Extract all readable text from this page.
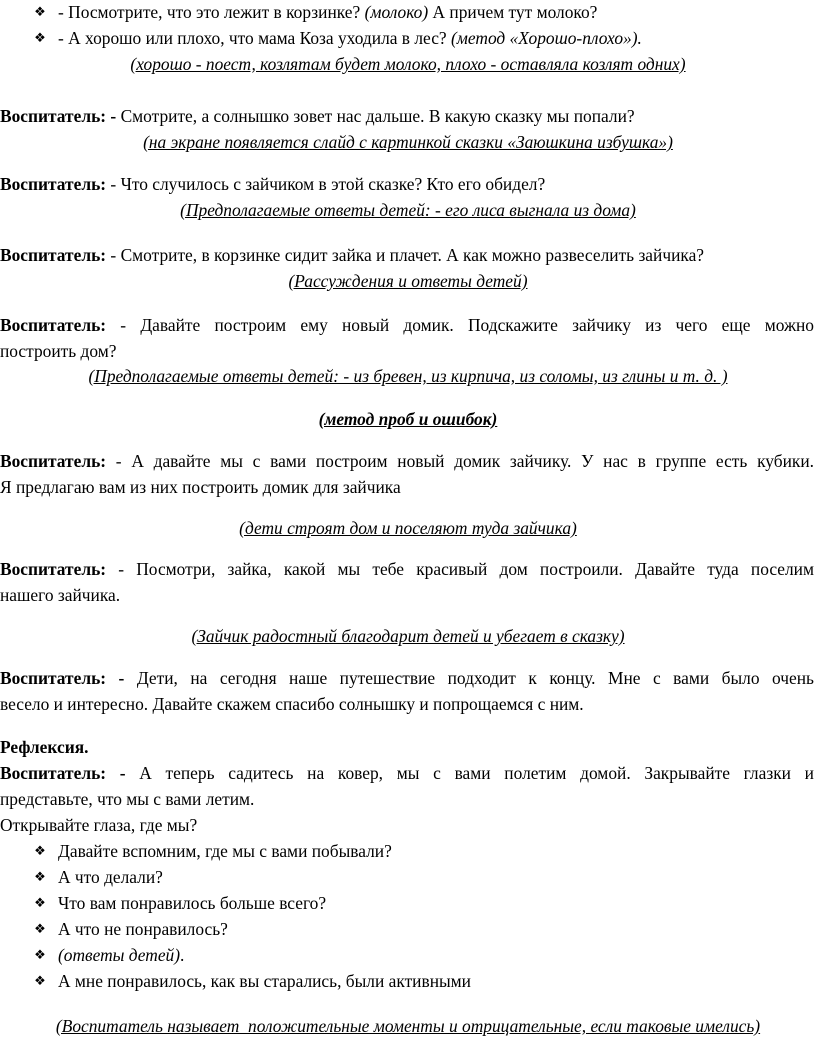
❖ - Посмотрите, что это лежит в корзинке? (молоко) А причем тут молоко?
❖ - А хорошо или плохо, что мама Коза уходила в лес? (метод «Хорошо-плохо»).
(хорошо - поест, козлятам будет молоко, плохо - оставляла козлят одних)
Воспитатель: - Смотрите, а солнышко зовет нас дальше. В какую сказку мы попали?
(на экране появляется слайд с картинкой сказки «Заюшкина избушка»)
Воспитатель: - Что случилось с зайчиком в этой сказке? Кто его обидел?
(Предполагаемые ответы детей: - его лиса выгнала из дома)
Воспитатель: - Смотрите, в корзинке сидит зайка и плачет. А как можно развеселить зайчика?
(Рассуждения и ответы детей)
Воспитатель: - Давайте построим ему новый домик. Подскажите зайчику из чего еще можно
построить дом?
(Предполагаемые ответы детей: - из бревен, из кирпича, из соломы, из глины и т. д. )
(метод проб и ошибок)
Воспитатель: - А давайте мы с вами построим новый домик зайчику. У нас в группе есть кубики.
Я предлагаю вам из них построить домик для зайчика
(дети строят дом и поселяют туда зайчика)
Воспитатель: - Посмотри, зайка, какой мы тебе красивый дом построили. Давайте туда поселим
нашего зайчика.
(Зайчик радостный благодарит детей и убегает в сказку)
Воспитатель: - Дети, на сегодня наше путешествие подходит к концу. Мне с вами было очень
весело и интересно. Давайте скажем спасибо солнышку и попрощаемся с ним.
Рефлексия.
Воспитатель: - А теперь садитесь на ковер, мы с вами полетим домой. Закрывайте глазки и
представьте, что мы с вами летим.
Открывайте глаза, где мы?
❖ Давайте вспомним, где мы с вами побывали?
❖ А что делали?
❖ Что вам понравилось больше всего?
❖ А что не понравилось?
❖ (ответы детей).
❖ А мне понравилось, как вы старались, были активными
(Воспитатель называет  положительные моменты и отрицательные, если таковые имелись)
